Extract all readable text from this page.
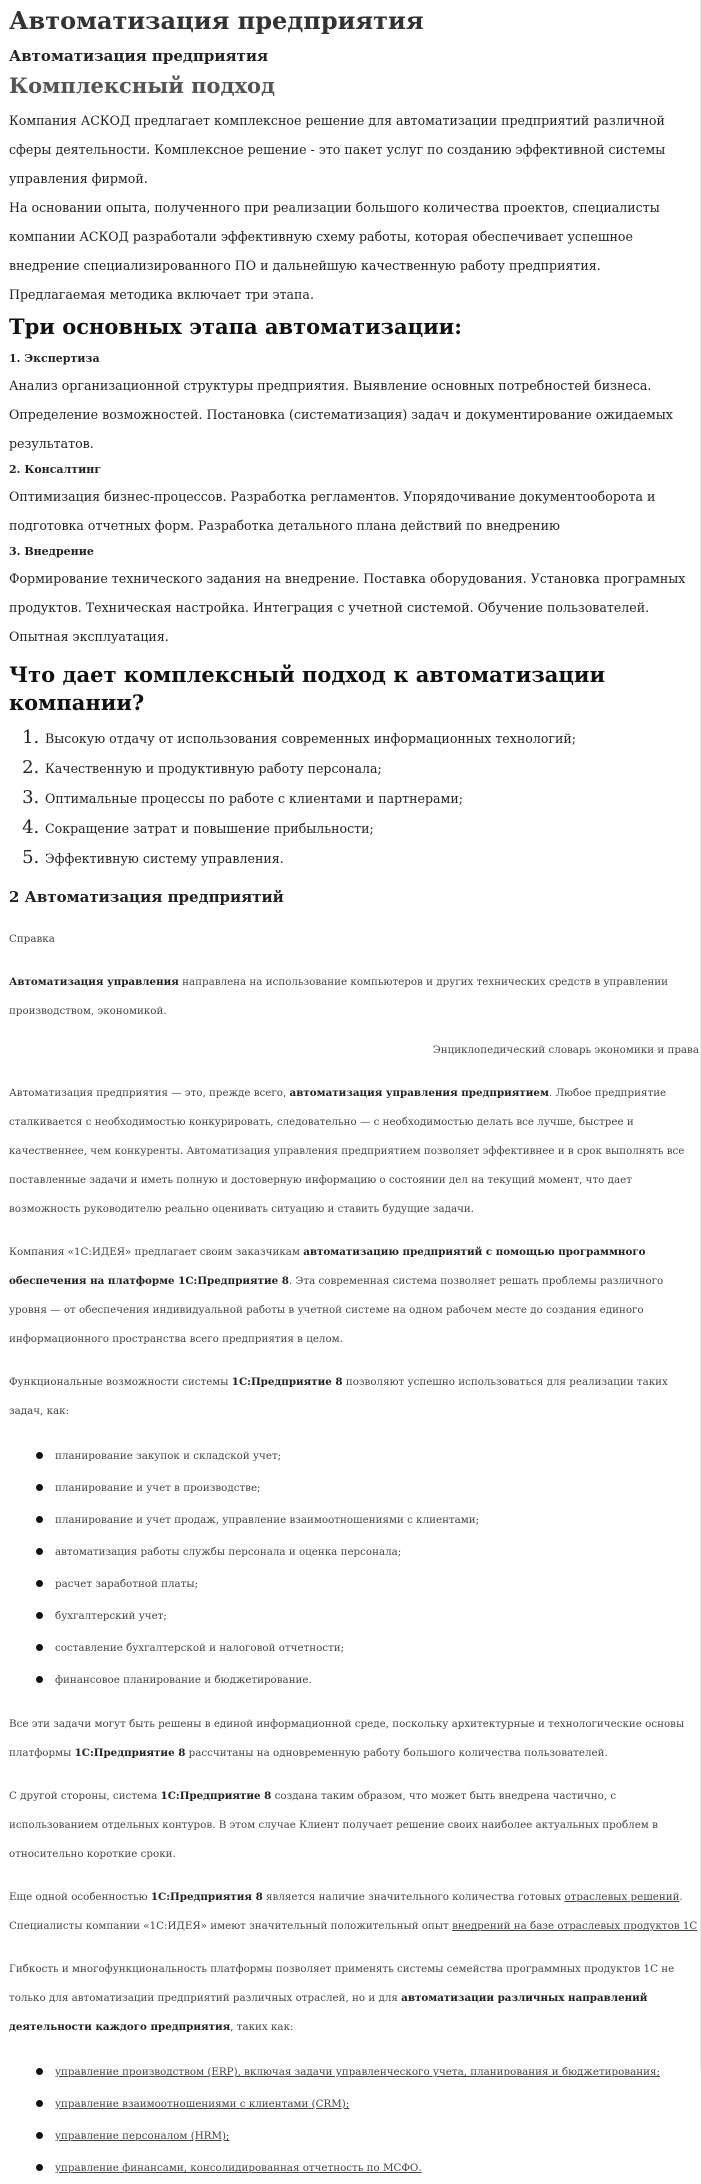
Автоматизация предприятия
Автоматизация предприятия
Комплексный подход

Компания АСКОД предлагает комплексное решение для автоматизации предприятий различной сферы деятельности. Комплексное решение - это пакет услуг по созданию эффективной системы управления фирмой.

На основании опыта, полученного при реализации большого количества проектов, специалисты компании АСКОД разработали эффективную схему работы, которая обеспечивает успешное внедрение специализированного ПО и дальнейшую качественную работу предприятия. Предлагаемая методика включает три этапа.

Три основных этапа автоматизации:
1. Экспертиза

Анализ организационной структуры предприятия. Выявление основных потребностей бизнеса. Определение возможностей. Постановка (систематизация) задач и документирование ожидаемых результатов.

2. Консалтинг

Оптимизация бизнес-процессов. Разработка регламентов. Упорядочивание документооборота и подготовка отчетных форм. Разработка детального плана действий по внедрению

3. Внедрение

Формирование технического задания на внедрение. Поставка оборудования. Установка програмных продуктов. Техническая настройка. Интеграция с учетной системой. Обучение пользователей. Опытная эксплуатация.

Что дает комплексный подход к автоматизации компании?
1. Высокую отдачу от использования современных информационных технологий;
2. Качественную и продуктивную работу персонала;
3. Оптимальные процессы по работе с клиентами и партнерами;
4. Сокращение затрат и повышение прибыльности;
5. Эффективную систему управления.
2 Автоматизация предприятий

Справка

Автоматизация управления направлена на использование компьютеров и других технических средств в управлении производством, экономикой.

Энциклопедический словарь экономики и права

Автоматизация предприятия — это, прежде всего, автоматизация управления предприятием. Любое предприятие сталкивается с необходимостью конкурировать, следовательно — с необходимостью делать все лучше, быстрее и качественнее, чем конкуренты. Автоматизация управления предприятием позволяет эффективнее и в срок выполнять все поставленные задачи и иметь полную и достоверную информацию о состоянии дел на текущий момент, что дает возможность руководителю реально оценивать ситуацию и ставить будущие задачи.

Компания «1С:ИДЕЯ» предлагает своим заказчикам автоматизацию предприятий с помощью программного обеспечения на платформе 1С:Предприятие 8. Эта современная система позволяет решать проблемы различного уровня — от обеспечения индивидуальной работы в учетной системе на одном рабочем месте до создания единого информационного пространства всего предприятия в целом.

Функциональные возможности системы 1С:Предприятие 8 позволяют успешно использоваться для реализации таких задач, как:

планирование закупок и складской учет;
планирование и учет в производстве;
планирование и учет продаж, управление взаимоотношениями с клиентами;
автоматизация работы службы персонала и оценка персонала;
расчет заработной платы;
бухгалтерский учет;
составление бухгалтерской и налоговой отчетности;
финансовое планирование и бюджетирование.

Все эти задачи могут быть решены в единой информационной среде, поскольку архитектурные и технологические основы платформы 1С:Предприятие 8 рассчитаны на одновременную работу большого количества пользователей.

С другой стороны, система 1С:Предприятие 8 создана таким образом, что может быть внедрена частично, с использованием отдельных контуров. В этом случае Клиент получает решение своих наиболее актуальных проблем в относительно короткие сроки.

Еще одной особенностью 1С:Предприятия 8 является наличие значительного количества готовых отраслевых решений.
Специалисты компании «1С:ИДЕЯ» имеют значительный положительный опыт внедрений на базе отраслевых продуктов 1С

Гибкость и многофункциональность платформы позволяет применять системы семейства программных продуктов 1С не только для автоматизации предприятий различных отраслей, но и для автоматизации различных направлений деятельности каждого предприятия, таких как:

управление производством (ERP), включая задачи управленческого учета, планирования и бюджетирования;
управление взаимоотношениями с клиентами (CRM);
управление персоналом (HRM);
управление финансами, консолидированная отчетность по МСФО.
